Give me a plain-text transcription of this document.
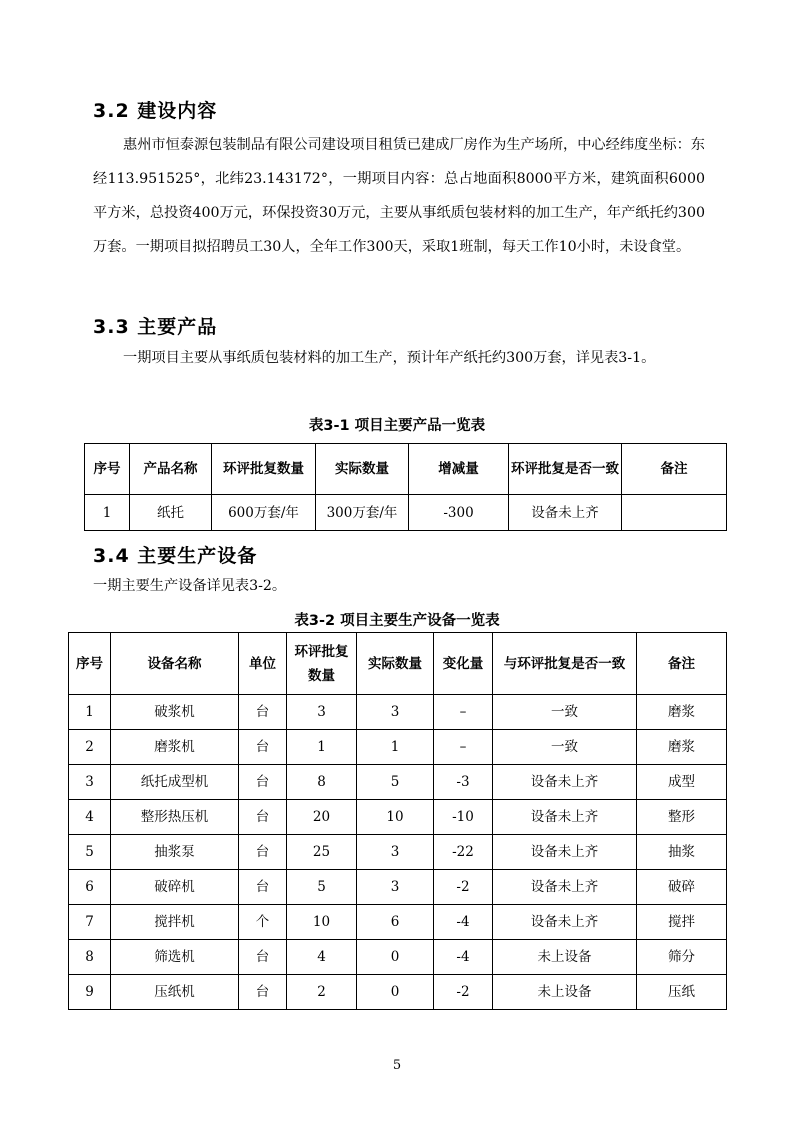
3.2 建设内容

惠州市恒泰源包装制品有限公司建设项目租赁已建成厂房作为生产场所，中心经纬度坐标：东经113.951525°，北纬23.143172°，一期项目内容：总占地面积8000平方米，建筑面积6000平方米，总投资400万元，环保投资30万元，主要从事纸质包装材料的加工生产，年产纸托约300万套。一期项目拟招聘员工30人，全年工作300天，采取1班制，每天工作10小时，未设食堂。

3.3 主要产品

一期项目主要从事纸质包装材料的加工生产，预计年产纸托约300万套，详见表3-1。

表3-1 项目主要产品一览表

序号	产品名称	环评批复数量	实际数量	增减量	环评批复是否一致	备注
1	纸托	600万套/年	300万套/年	-300	设备未上齐	
3.4 主要生产设备

一期主要生产设备详见表3-2。

表3-2 项目主要生产设备一览表

序号	设备名称	单位	环评批复数量	实际数量	变化量	与环评批复是否一致	备注
1	破浆机	台	3	3	–	一致	磨浆
2	磨浆机	台	1	1	–	一致	磨浆
3	纸托成型机	台	8	5	-3	设备未上齐	成型
4	整形热压机	台	20	10	-10	设备未上齐	整形
5	抽浆泵	台	25	3	-22	设备未上齐	抽浆
6	破碎机	台	5	3	-2	设备未上齐	破碎
7	搅拌机	个	10	6	-4	设备未上齐	搅拌
8	筛选机	台	4	0	-4	未上设备	筛分
9	压纸机	台	2	0	-2	未上设备	压纸
5
